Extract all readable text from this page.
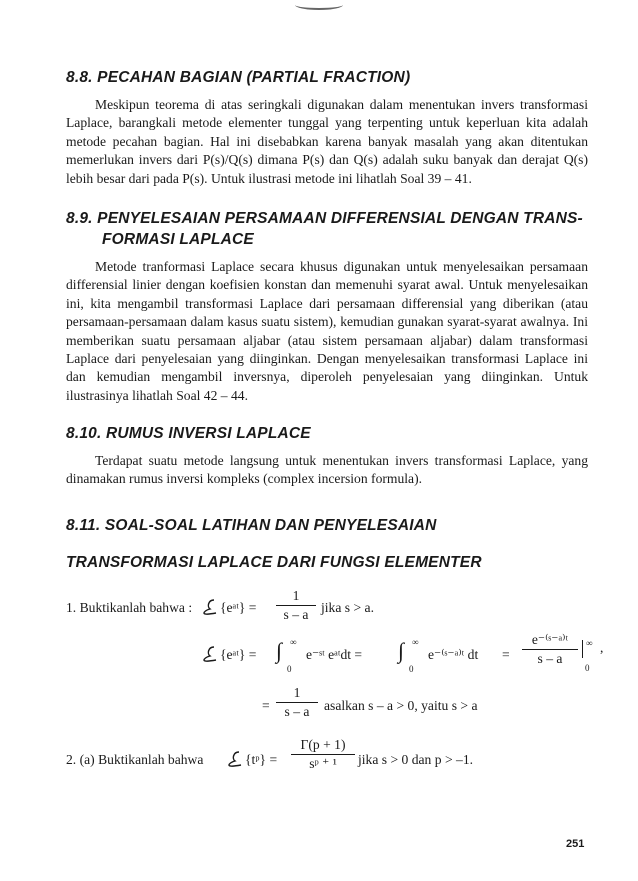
8.8. PECAHAN BAGIAN (PARTIAL FRACTION)

Meskipun teorema di atas seringkali digunakan dalam menentukan invers transformasi Laplace, barangkali metode elementer tunggal yang terpenting untuk keperluan kita adalah metode pecahan bagian. Hal ini disebabkan karena banyak masalah yang akan ditentukan memerlukan invers dari P(s)/Q(s) dimana P(s) dan Q(s) adalah suku banyak dan derajat Q(s) lebih besar dari pada P(s). Untuk ilustrasi metode ini lihatlah Soal 39 – 41.

8.9. PENYELESAIAN PERSAMAAN DIFFERENSIAL DENGAN TRANS-
FORMASI LAPLACE

Metode tranformasi Laplace secara khusus digunakan untuk menyelesaikan persamaan differensial linier dengan koefisien konstan dan memenuhi syarat awal. Untuk menyelesaikan ini, kita mengambil transformasi Laplace dari persamaan differensial yang diberikan (atau persamaan-persamaan dalam kasus suatu sistem), kemudian gunakan syarat-syarat awalnya. Ini memberikan suatu persamaan aljabar (atau sistem persamaan aljabar) dalam transformasi Laplace dari penyelesaian yang diinginkan. Dengan menyelesaikan transformasi Laplace ini dan kemudian mengambil inversnya, diperoleh penyelesaian yang diinginkan. Untuk ilustrasinya lihatlah Soal 42 – 44.

8.10. RUMUS INVERSI LAPLACE

Terdapat suatu metode langsung untuk menentukan invers transformasi Laplace, yang dinamakan rumus inversi kompleks (complex incersion formula).

8.11. SOAL-SOAL LATIHAN DAN PENYELESAIAN
TRANSFORMASI LAPLACE DARI FUNGSI ELEMENTER
1. Buktikanlah bahwa : {eᵃᵗ} =
1
s – a jika s > a.
{eᵃᵗ} = ∫ ∞
0
e⁻ˢᵗ eᵃᵗdt = ∫ ∞
0
e⁻⁽ˢ⁻ᵃ⁾ᵗ dt =
e⁻⁽ˢ⁻ᵃ⁾ᵗ
s – a
∞
0
,
=
1
s – a	asalkan s – a > 0, yaitu s > a
2. (a) Buktikanlah bahwa	{tᵖ} =
Γ(p + 1)
sᵖ ⁺ ¹	jika s > 0 dan p > –1.
251
